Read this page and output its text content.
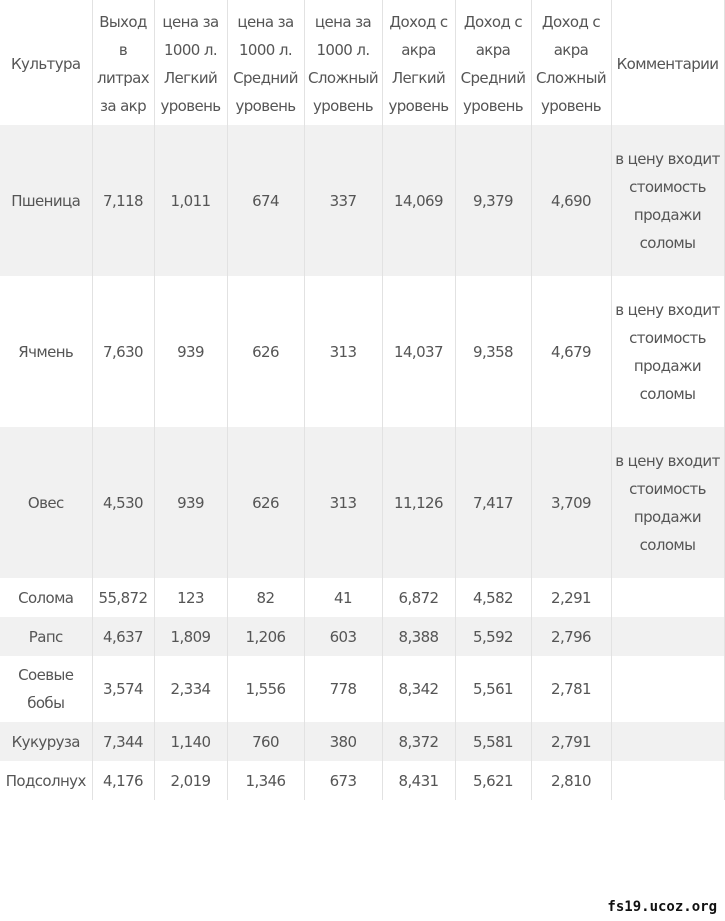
Культура	Выход в литрах за акр	цена за 1000 л. Легкий уровень	цена за 1000 л. Средний уровень	цена за 1000 л. Сложный уровень	Доход с акра Легкий уровень	Доход с акра Средний уровень	Доход с акра Сложный уровень	Комментарии
Пшеница	7,118	1,011	674	337	14,069	9,379	4,690	в цену входит стоимость продажи соломы
Ячмень	7,630	939	626	313	14,037	9,358	4,679	в цену входит стоимость продажи соломы
Овес	4,530	939	626	313	11,126	7,417	3,709	в цену входит стоимость продажи соломы
Солома	55,872	123	82	41	6,872	4,582	2,291	
Рапс	4,637	1,809	1,206	603	8,388	5,592	2,796	
Соевые бобы	3,574	2,334	1,556	778	8,342	5,561	2,781	
Кукуруза	7,344	1,140	760	380	8,372	5,581	2,791	
Подсолнух	4,176	2,019	1,346	673	8,431	5,621	2,810	
fs19.ucoz.org
